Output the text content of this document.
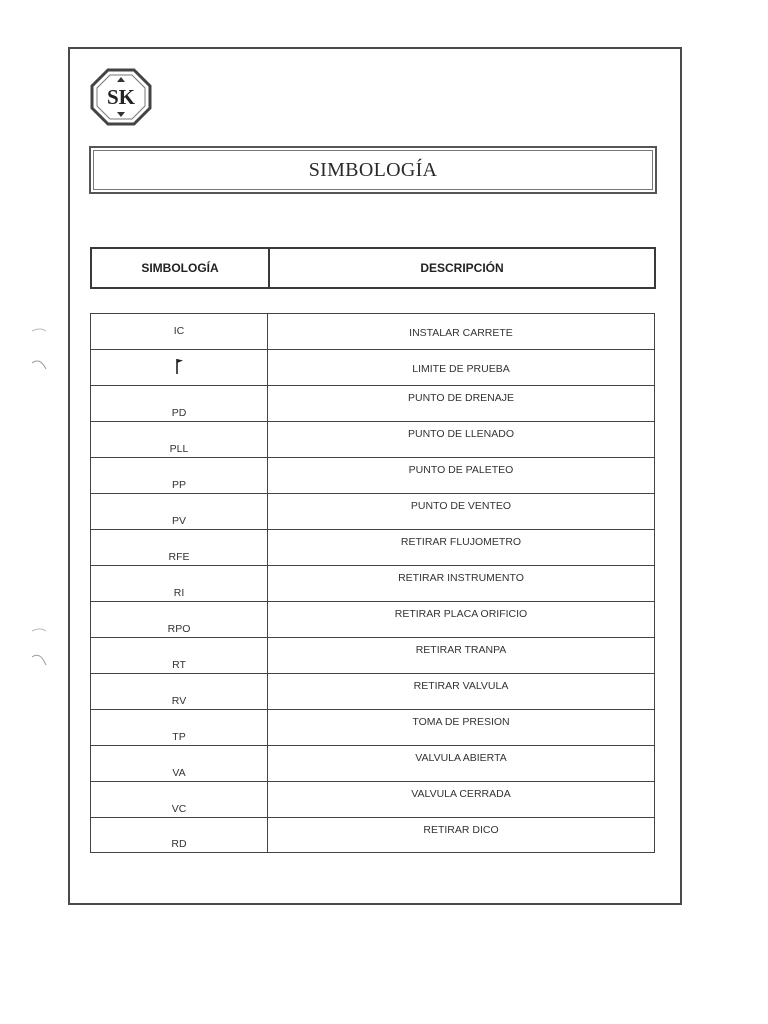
SK
SIMBOLOGÍA
SIMBOLOGÍA	DESCRIPCIÓN
IC	INSTALAR CARRETE
LIMITE DE PRUEBA
PD
PUNTO DE DRENAJE
PLL
PUNTO DE LLENADO
PP
PUNTO DE PALETEO
PV
PUNTO DE VENTEO
RFE
RETIRAR FLUJOMETRO
RI
RETIRAR INSTRUMENTO
RPO
RETIRAR PLACA ORIFICIO
RT
RETIRAR TRANPA
RV
RETIRAR VALVULA
TP
TOMA DE PRESION
VA
VALVULA ABIERTA
VC
VALVULA CERRADA
RD
RETIRAR DICO
